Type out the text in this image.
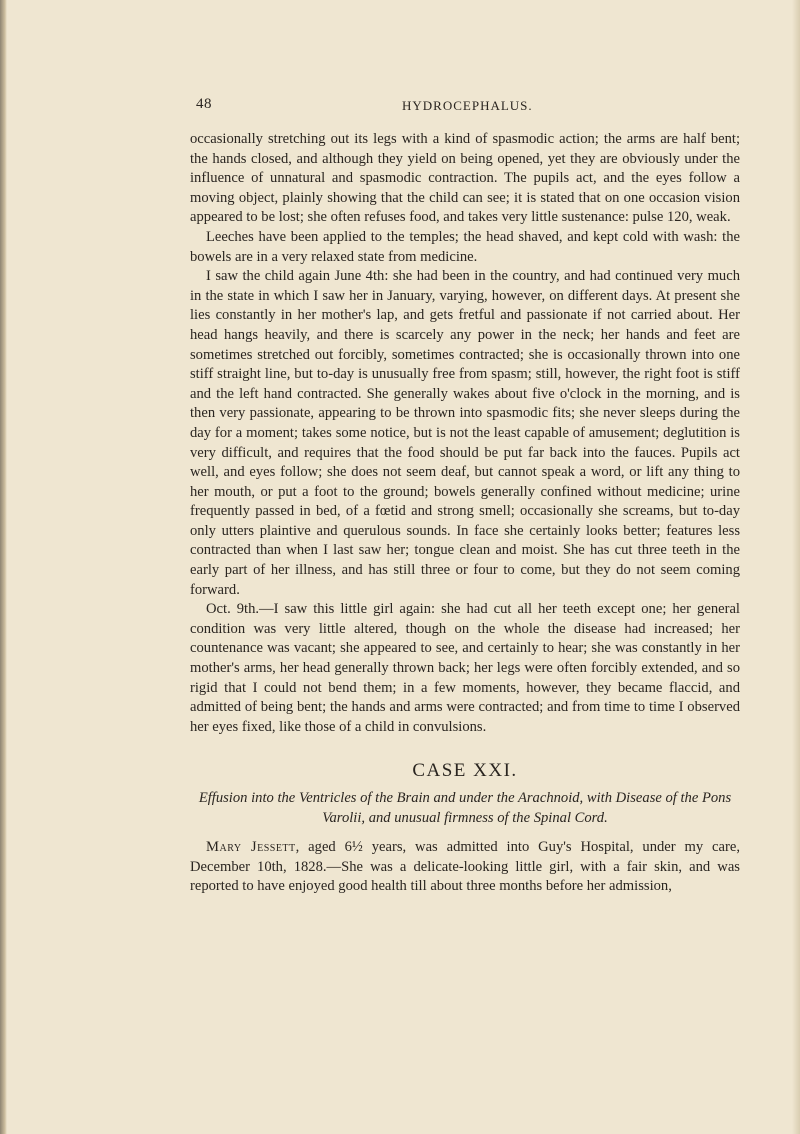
48	HYDROCEPHALUS.

occasionally stretching out its legs with a kind of spasmodic action; the arms are half bent; the hands closed, and although they yield on being opened, yet they are obviously under the influence of unnatural and spasmodic contraction. The pupils act, and the eyes follow a moving object, plainly showing that the child can see; it is stated that on one occasion vision appeared to be lost; she often refuses food, and takes very little sustenance: pulse 120, weak.

Leeches have been applied to the temples; the head shaved, and kept cold with wash: the bowels are in a very relaxed state from medicine.

I saw the child again June 4th: she had been in the country, and had continued very much in the state in which I saw her in January, varying, however, on different days. At present she lies constantly in her mother's lap, and gets fretful and passionate if not carried about. Her head hangs heavily, and there is scarcely any power in the neck; her hands and feet are sometimes stretched out forcibly, sometimes contracted; she is occasionally thrown into one stiff straight line, but to-day is unusually free from spasm; still, however, the right foot is stiff and the left hand contracted. She generally wakes about five o'clock in the morning, and is then very passionate, appearing to be thrown into spasmodic fits; she never sleeps during the day for a moment; takes some notice, but is not the least capable of amusement; deglutition is very difficult, and requires that the food should be put far back into the fauces. Pupils act well, and eyes follow; she does not seem deaf, but cannot speak a word, or lift any thing to her mouth, or put a foot to the ground; bowels generally confined without medicine; urine frequently passed in bed, of a fœtid and strong smell; occasionally she screams, but to-day only utters plaintive and querulous sounds. In face she certainly looks better; features less contracted than when I last saw her; tongue clean and moist. She has cut three teeth in the early part of her illness, and has still three or four to come, but they do not seem coming forward.

Oct. 9th.—I saw this little girl again: she had cut all her teeth except one; her general condition was very little altered, though on the whole the disease had increased; her countenance was vacant; she appeared to see, and certainly to hear; she was constantly in her mother's arms, her head generally thrown back; her legs were often forcibly extended, and so rigid that I could not bend them; in a few moments, however, they became flaccid, and admitted of being bent; the hands and arms were contracted; and from time to time I observed her eyes fixed, like those of a child in convulsions.

CASE XXI.
Effusion into the Ventricles of the Brain and under the Arachnoid, with Disease of the Pons Varolii, and unusual firmness of the Spinal Cord.

Mary Jessett, aged 6½ years, was admitted into Guy's Hospital, under my care, December 10th, 1828.—She was a delicate-looking little girl, with a fair skin, and was reported to have enjoyed good health till about three months before her admission,
